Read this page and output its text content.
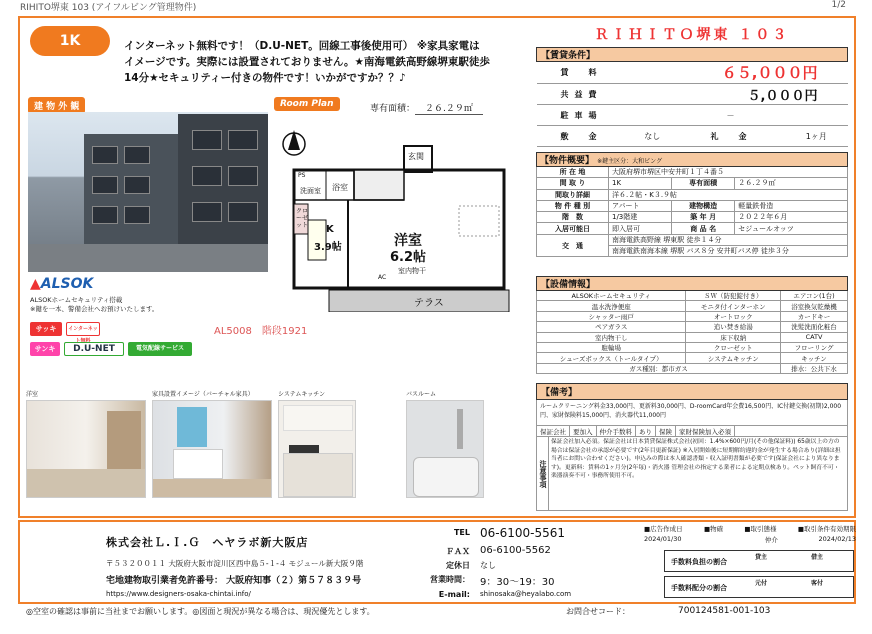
RIHITO堺東 103 (アイフルビング管理物件)	1/2
1K	インターネット無料です！（D.U-NET。回線工事後使用可） ※家具家電は
イメージです。実際には設置されておりません。★南海電鉄高野線堺東駅徒歩
14分★セキュリティー付きの物件です！いかがですか？？♪
ＲＩＨＩＴＯ堺東 １０３
建 物 外 観
▲ALSOK
ALSOKホームセキュリティ搭載
※鍵を一本、警備会社へお預けいたします。
サッキ	インターネット無料
サンキ	D.U-NET	電気配線サービス
AL5008　階段1921
Room Plan	専有面積： ２６.２９㎡
玄関
浴室
洗面室
クローゼット K
3.9帖	洋室
6.2帖
室内物干
テラス
PS
AC
【賃貸条件】			
賃　料	６５,０００円		
共益費	５,０００円		
駐車場	－		
敷　金	なし	礼　金	1ヶ月
【物件概要】 ※鍵主区分：大和ビング			
所 在 地	大阪府堺市堺区中安井町１丁４番５		
間 取 り	1K	専有面積	２６.２９㎡
間取り詳細	洋６.２帖・K３.９帖		
物 件 種 別	アパート	建物構造	軽量鉄骨造
階　数	1/3階建	築 年 月	２０２２年６月
入居可能日	即入居可	商 品 名	セジュールオッツ
交　通	南海電鉄高野線 堺東駅 徒歩１４分		
	南海電鉄南海本線 堺駅 バス８分 安井町バス停 徒歩３分		
【設備情報】		
ALSOKホームセキュリティ	ＳＷ（防犯錠付き）	エアコン(1台)
温水洗浄便座	モニタ付インターホン	浴室換気乾燥機
シャッター雨戸	オートロック	カードキー
ペアガラス	追い焚き給湯	洗髪洗面化粧台
室内物干し	床下収納	CATV
駐輪場	クローゼット	フローリング
シューズボックス（トールタイプ）	システムキッチン	キッチン
ガス種別：都市ガス		排水：公共下水
【備考】
ルームクリーニング料金33,000円、更新料30,000円、D-roomCard年会費16,500円、IC付鍵交換(初期)2,000円、家財保険料15,000円、消火器代11,000円
保証会社	要加入	仲介手数料	あり	保険	家財保険加入必須
注意事項
保証会社加入必須。保証会社は日本賃貸保証株式会社(初回：1.4%×600円/月(その他保証料)) 65歳以上の方の場合は保証会社の承認が必要です(2年目更新保証) ※入居開始後に短期解約違約金が発生する場合あり(詳細は担当者にお問い合わせください)。申込みの際は本人確認書類・収入証明書類が必要です(保証会社により異なります)。更新料：賃料の1ヶ月分(2年毎)・消火器 管理会社の指定する業者による定期点検あり。ペット飼育不可・楽器演奏不可・事務所使用不可。
洋室	家具設置イメージ（バーチャル家具）	システムキッチン	バスルーム
株式会社Ｌ.Ｉ.Ｇ　ヘヤラボ新大阪店
〒５３２００１１ 大阪府大阪市淀川区西中島５-１-４ モジュール新大阪９階
宅地建物取引業者免許番号： 大阪府知事（２）第５７８３９号
https://www.designers-osaka-chintai.info/
TEL 06-6100-5561
ＦＡＸ 06-6100-5562
定休日 なし
営業時間： 9：30～19：30
E-mail: shinosaka@heyalabo.com
■広告作成日	■物確	■取引態様	■取引条件有効期限
2024/01/30
	仲介	2024/02/13
手数料負担の割合
貸主	借主
手数料配分の割合
元付	客付
◎空室の確認は事前に当社までお願いします。◎図面と現況が異なる場合は、現況優先とします。	お問合せコード：	700124581-001-103
